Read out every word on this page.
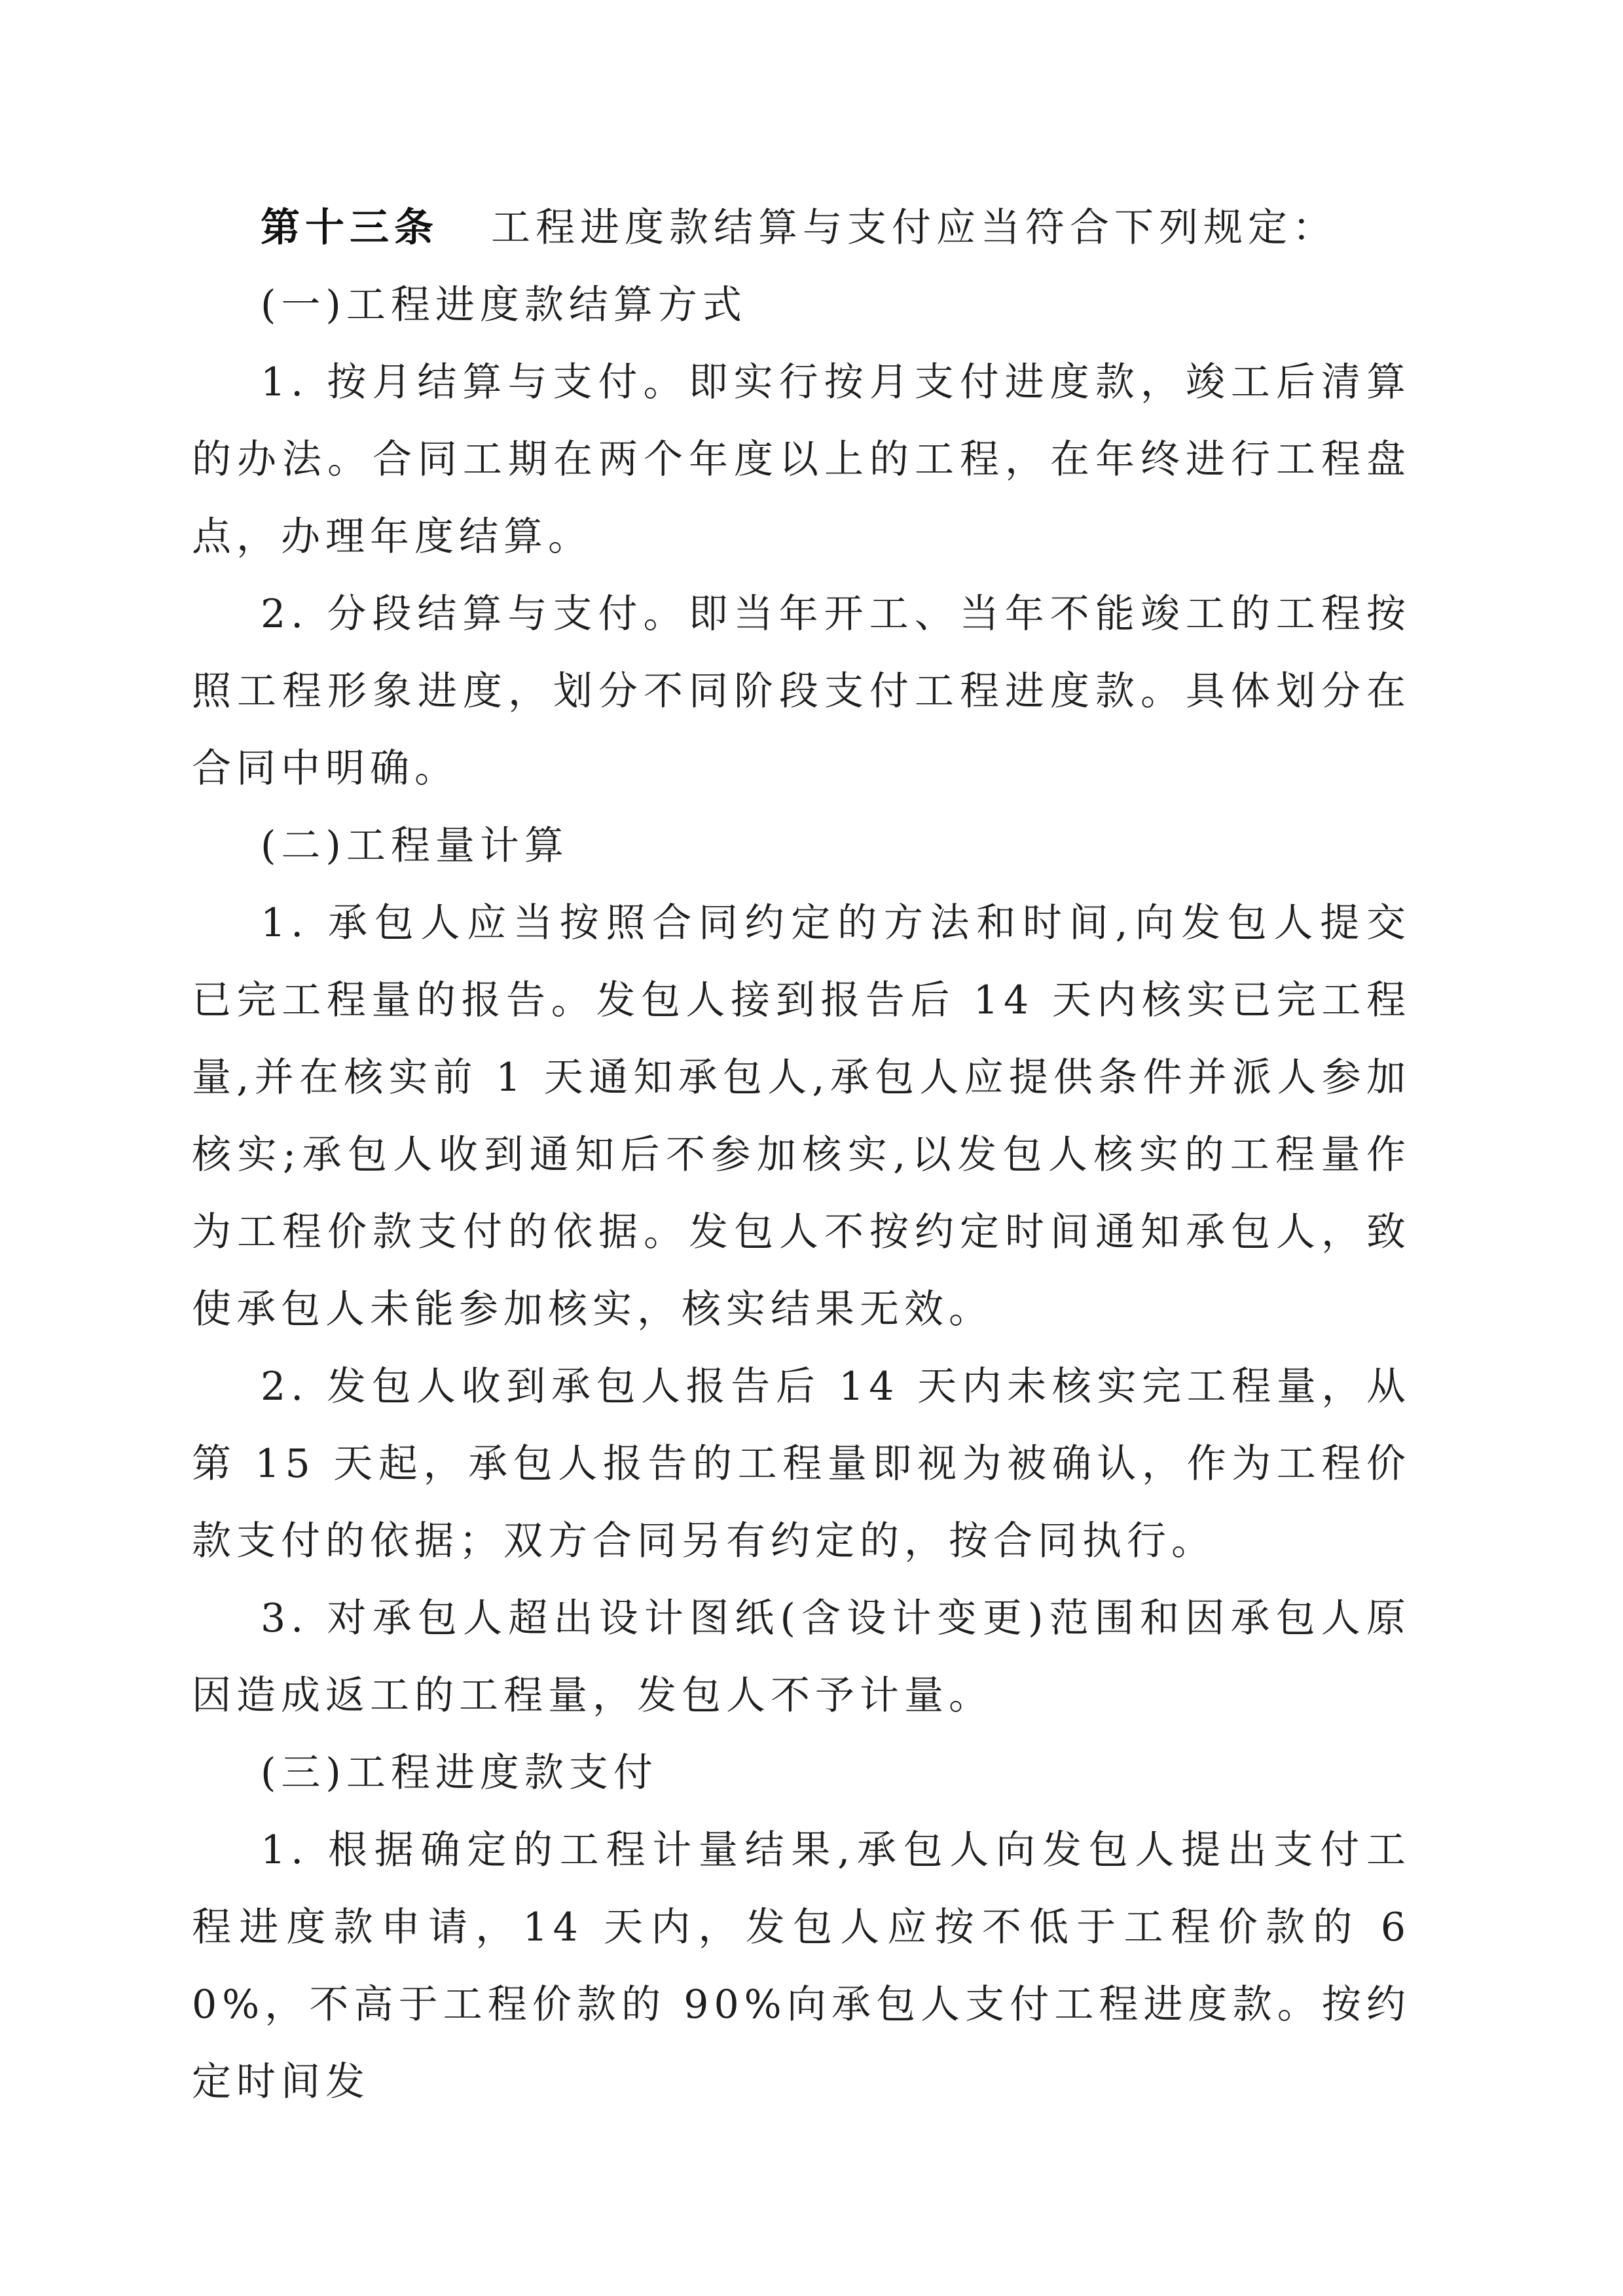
第十三条 工程进度款结算与支付应当符合下列规定：

(一)工程进度款结算方式

1. 按月结算与支付。即实行按月支付进度款，竣工后清算的办法。合同工期在两个年度以上的工程，在年终进行工程盘点，办理年度结算。

2. 分段结算与支付。即当年开工、当年不能竣工的工程按照工程形象进度，划分不同阶段支付工程进度款。具体划分在合同中明确。

(二)工程量计算

1. 承包人应当按照合同约定的方法和时间,向发包人提交已完工程量的报告。发包人接到报告后 14 天内核实已完工程量,并在核实前 1 天通知承包人,承包人应提供条件并派人参加核实;承包人收到通知后不参加核实,以发包人核实的工程量作为工程价款支付的依据。发包人不按约定时间通知承包人，致使承包人未能参加核实，核实结果无效。

2. 发包人收到承包人报告后 14 天内未核实完工程量，从第 15 天起，承包人报告的工程量即视为被确认，作为工程价款支付的依据；双方合同另有约定的，按合同执行。

3. 对承包人超出设计图纸(含设计变更)范围和因承包人原因造成返工的工程量，发包人不予计量。

(三)工程进度款支付

1. 根据确定的工程计量结果,承包人向发包人提出支付工程进度款申请，14 天内，发包人应按不低于工程价款的 60%，不高于工程价款的 90%向承包人支付工程进度款。按约定时间发
